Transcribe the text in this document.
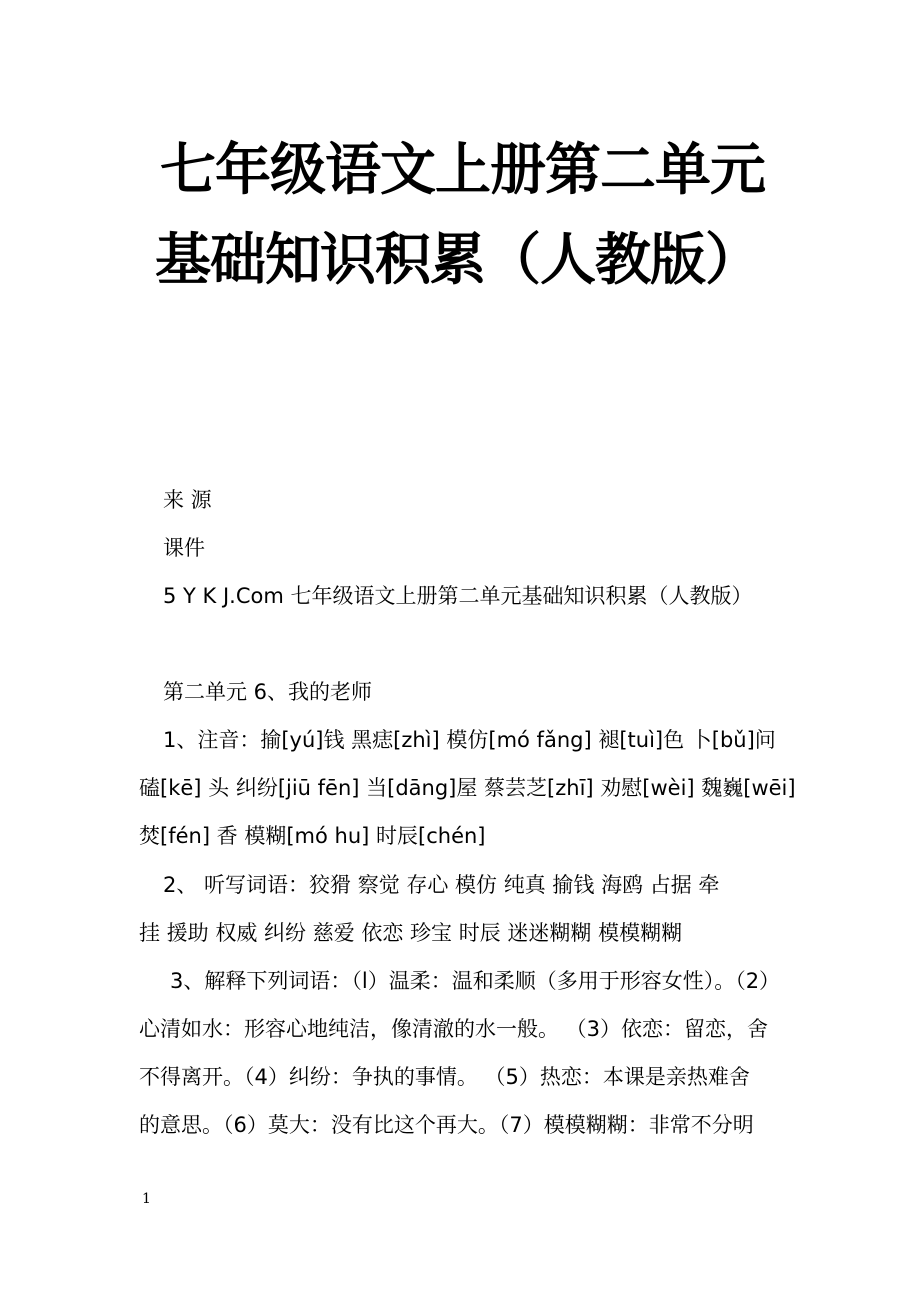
七年级语文上册第二单元
基础知识积累（人教版）
来 源
课件
5 Y K J.Com 七年级语文上册第二单元基础知识积累（人教版）
第二单元 6、我的老师
1、注音：揄[yú]钱 黑痣[zhì] 模仿[mó fǎng] 褪[tuì]色 卜[bǔ]问
磕[kē] 头 纠纷[jiū fēn] 当[dāng]屋 蔡芸芝[zhī] 劝慰[wèi] 魏巍[wēi]
焚[fén] 香 模糊[mó hu] 时辰[chén]
2、 听写词语：狡猾 察觉 存心 模仿 纯真 揄钱 海鸥 占据 牵
挂 援助 权威 纠纷 慈爱 依恋 珍宝 时辰 迷迷糊糊 模模糊糊
3、解释下列词语：（l）温柔：温和柔顺（多用于形容女性）。（2）
心清如水：形容心地纯洁，像清澈的水一般。 （3）依恋：留恋，舍
不得离开。（4）纠纷：争执的事情。 （5）热恋：本课是亲热难舍
的意思。（6）莫大：没有比这个再大。（7）模模糊糊：非常不分明
1
